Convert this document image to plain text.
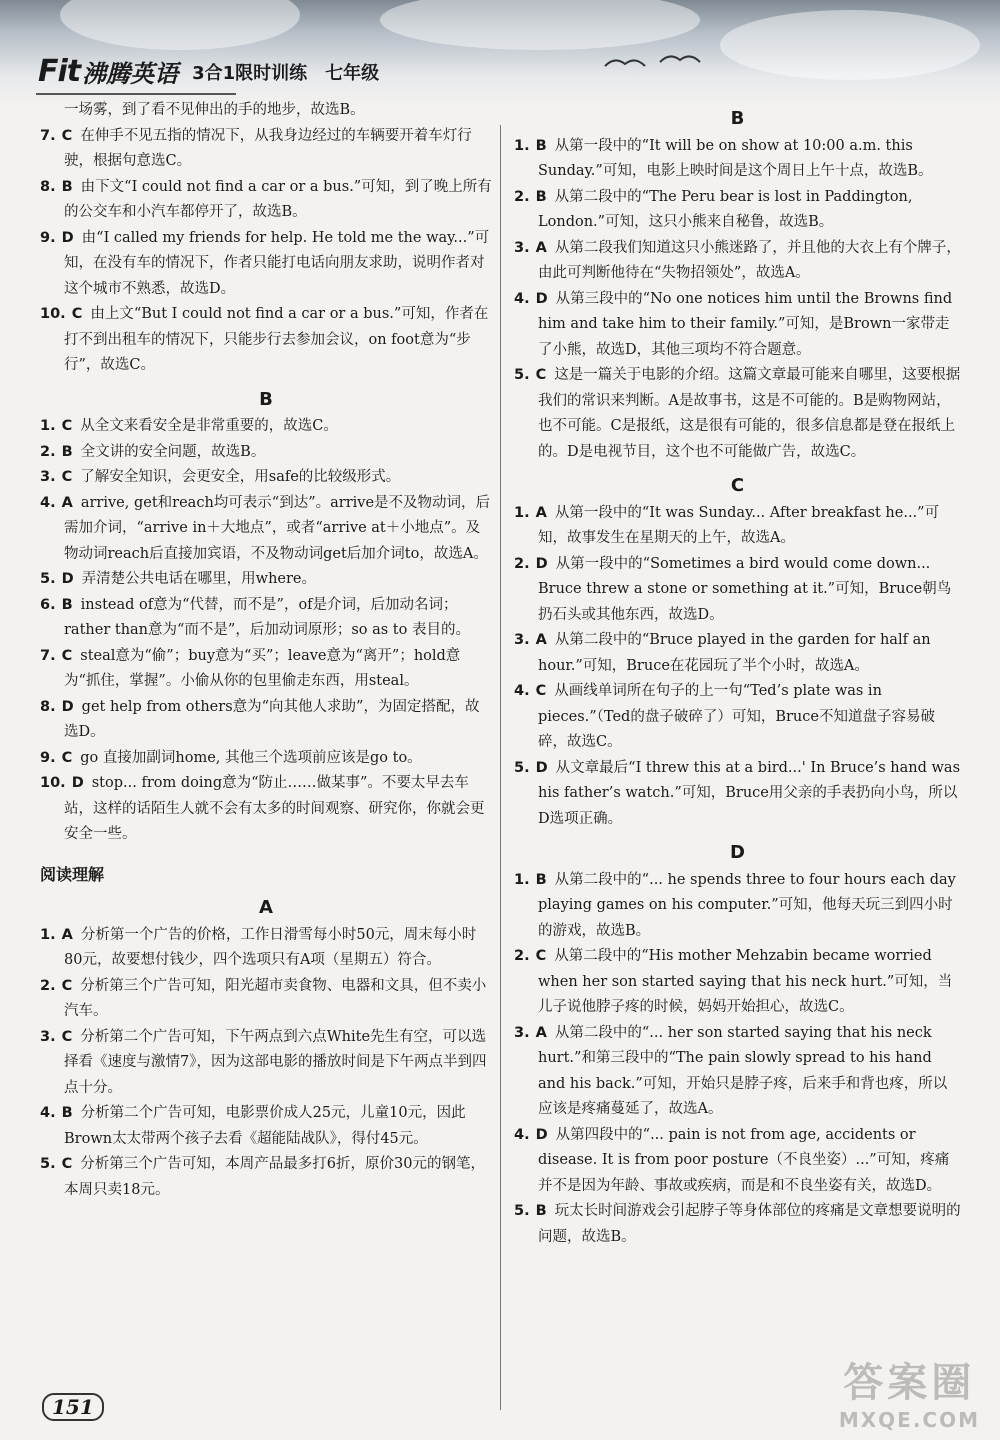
Fit 沸腾英语 3合1限时训练　七年级

一场雾，到了看不见伸出的手的地步，故选B。

7. C 在伸手不见五指的情况下，从我身边经过的车辆要开着车灯行驶，根据句意选C。

8. B 由下文“I could not find a car or a bus.”可知，到了晚上所有的公交车和小汽车都停开了，故选B。

9. D 由“I called my friends for help. He told me the way...”可知，在没有车的情况下，作者只能打电话向朋友求助，说明作者对这个城市不熟悉，故选D。

10. C 由上文“But I could not find a car or a bus.”可知，作者在打不到出租车的情况下，只能步行去参加会议，on foot意为“步行”，故选C。

B

1. C 从全文来看安全是非常重要的，故选C。

2. B 全文讲的安全问题，故选B。

3. C 了解安全知识，会更安全，用safe的比较级形式。

4. A arrive, get和reach均可表示“到达”。arrive是不及物动词，后需加介词，“arrive in＋大地点”，或者“arrive at＋小地点”。及物动词reach后直接加宾语，不及物动词get后加介词to，故选A。

5. D 弄清楚公共电话在哪里，用where。

6. B instead of意为“代替，而不是”，of是介词，后加动名词；rather than意为“而不是”，后加动词原形；so as to 表目的。

7. C steal意为“偷”；buy意为“买”；leave意为“离开”；hold意为“抓住，掌握”。小偷从你的包里偷走东西，用steal。

8. D get help from others意为“向其他人求助”，为固定搭配，故选D。

9. C go 直接加副词home, 其他三个选项前应该是go to。

10. D stop... from doing意为“防止……做某事”。不要太早去车站，这样的话陌生人就不会有太多的时间观察、研究你，你就会更安全一些。

阅读理解
A

1. A 分析第一个广告的价格，工作日滑雪每小时50元，周末每小时80元，故要想付钱少，四个选项只有A项（星期五）符合。

2. C 分析第三个广告可知，阳光超市卖食物、电器和文具，但不卖小汽车。

3. C 分析第二个广告可知，下午两点到六点White先生有空，可以选择看《速度与激情7》，因为这部电影的播放时间是下午两点半到四点十分。

4. B 分析第二个广告可知，电影票价成人25元，儿童10元，因此Brown太太带两个孩子去看《超能陆战队》，得付45元。

5. C 分析第三个广告可知，本周产品最多打6折，原价30元的钢笔，本周只卖18元。

B

1. B 从第一段中的“It will be on show at 10:00 a.m. this Sunday.”可知，电影上映时间是这个周日上午十点，故选B。

2. B 从第二段中的“The Peru bear is lost in Paddington, London.”可知，这只小熊来自秘鲁，故选B。

3. A 从第二段我们知道这只小熊迷路了，并且他的大衣上有个牌子，由此可判断他待在“失物招领处”，故选A。

4. D 从第三段中的“No one notices him until the Browns find him and take him to their family.”可知，是Brown一家带走了小熊，故选D，其他三项均不符合题意。

5. C 这是一篇关于电影的介绍。这篇文章最可能来自哪里，这要根据我们的常识来判断。A是故事书，这是不可能的。B是购物网站，也不可能。C是报纸，这是很有可能的，很多信息都是登在报纸上的。D是电视节目，这个也不可能做广告，故选C。

C

1. A 从第一段中的“It was Sunday... After breakfast he...”可知，故事发生在星期天的上午，故选A。

2. D 从第一段中的“Sometimes a bird would come down... Bruce threw a stone or something at it.”可知，Bruce朝鸟扔石头或其他东西，故选D。

3. A 从第二段中的“Bruce played in the garden for half an hour.”可知，Bruce在花园玩了半个小时，故选A。

4. C 从画线单词所在句子的上一句“Ted’s plate was in pieces.”（Ted的盘子破碎了）可知，Bruce不知道盘子容易破碎，故选C。

5. D 从文章最后“I threw this at a bird...' In Bruce’s hand was his father’s watch.”可知，Bruce用父亲的手表扔向小鸟，所以D选项正确。

D

1. B 从第二段中的“... he spends three to four hours each day playing games on his computer.”可知，他每天玩三到四小时的游戏，故选B。

2. C 从第二段中的“His mother Mehzabin became worried when her son started saying that his neck hurt.”可知，当儿子说他脖子疼的时候，妈妈开始担心，故选C。

3. A 从第二段中的“... her son started saying that his neck hurt.”和第三段中的“The pain slowly spread to his hand and his back.”可知，开始只是脖子疼，后来手和背也疼，所以应该是疼痛蔓延了，故选A。

4. D 从第四段中的“... pain is not from age, accidents or disease. It is from poor posture（不良坐姿）...”可知，疼痛并不是因为年龄、事故或疾病，而是和不良坐姿有关，故选D。

5. B 玩太长时间游戏会引起脖子等身体部位的疼痛是文章想要说明的问题，故选B。

151
答案圈
MXQE.COM
